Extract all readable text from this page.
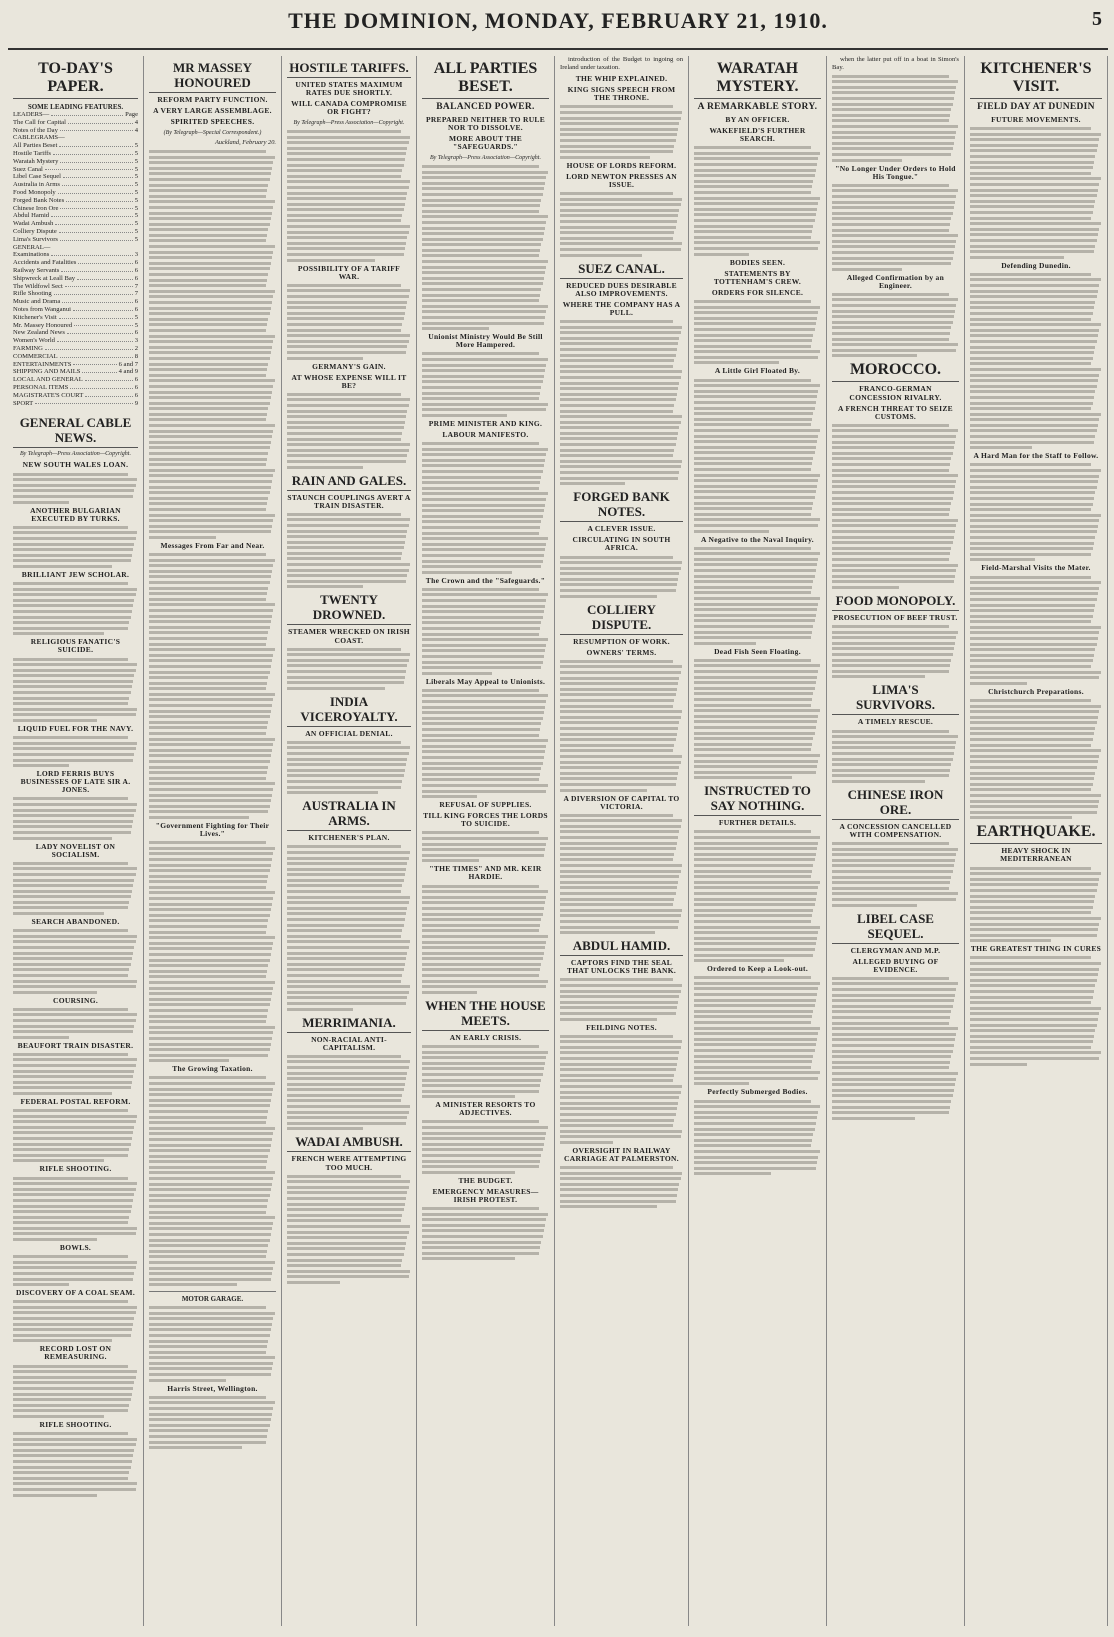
THE DOMINION, MONDAY, FEBRUARY 21, 1910.	5
TO-DAY'S PAPER.
SOME LEADING FEATURES.
LEADERS—	Page
The Call for Capital	4
Notes of the Day	4
CABLEGRAMS—
All Parties Beset	5
Hostile Tariffs	5
Waratah Mystery	5
Suez Canal	5
Libel Case Sequel	5
Australia in Arms	5
Food Monopoly	5
Forged Bank Notes	5
Chinese Iron Ore	5
Abdul Hamid	5
Wadai Ambush	5
Colliery Dispute	5
Lima's Survivors	5
GENERAL—
Examinations	3
Accidents and Fatalities	6
Railway Servants	6
Shipwreck at Leall Bay	6
The Wildfowl Sect	7
Rifle Shooting	7
Music and Drama	6
Notes from Wanganui	6
Kitchener's Visit	5
Mr. Massey Honoured	5
New Zealand News	6
Women's World	3
FARMING	2
COMMERCIAL	8
ENTERTAINMENTS	6 and 7
SHIPPING AND MAILS	4 and 9
LOCAL AND GENERAL	6
PERSONAL ITEMS	6
MAGISTRATE'S COURT	6
SPORT	9
GENERAL CABLE NEWS.
By Telegraph—Press Association—Copyright.
NEW SOUTH WALES LOAN.
ANOTHER BULGARIAN EXECUTED BY TURKS.
BRILLIANT JEW SCHOLAR.
RELIGIOUS FANATIC'S SUICIDE.
LIQUID FUEL FOR THE NAVY.
LORD FERRIS BUYS BUSINESSES OF LATE SIR A. JONES.
LADY NOVELIST ON SOCIALISM.
SEARCH ABANDONED.
COURSING.
BEAUFORT TRAIN DISASTER.
FEDERAL POSTAL REFORM.
RIFLE SHOOTING.
BOWLS.
DISCOVERY OF A COAL SEAM.
RECORD LOST ON REMEASURING.
RIFLE SHOOTING.
MR MASSEY HONOURED
REFORM PARTY FUNCTION.
A VERY LARGE ASSEMBLAGE.
SPIRITED SPEECHES.
(By Telegraph—Special Correspondent.)
Auckland, February 20.
Messages From Far and Near.
"Government Fighting for Their Lives."
The Growing Taxation.
MOTOR GARAGE.
Harris Street, Wellington.
HOSTILE TARIFFS.
UNITED STATES MAXIMUM RATES DUE SHORTLY.
WILL CANADA COMPROMISE OR FIGHT?
By Telegraph—Press Association—Copyright.
POSSIBILITY OF A TARIFF WAR.
GERMANY'S GAIN.
AT WHOSE EXPENSE WILL IT BE?
RAIN AND GALES.
STAUNCH COUPLINGS AVERT A TRAIN DISASTER.
TWENTY DROWNED.
STEAMER WRECKED ON IRISH COAST.
INDIA VICEROYALTY.
AN OFFICIAL DENIAL.
AUSTRALIA IN ARMS.
KITCHENER'S PLAN.
MERRIMANIA.
NON-RACIAL ANTI-CAPITALISM.
WADAI AMBUSH.
FRENCH WERE ATTEMPTING TOO MUCH.
ALL PARTIES BESET.
BALANCED POWER.
PREPARED NEITHER TO RULE NOR TO DISSOLVE.
MORE ABOUT THE "SAFEGUARDS."
By Telegraph—Press Association—Copyright.
Unionist Ministry Would Be Still More Hampered.
PRIME MINISTER AND KING.
LABOUR MANIFESTO.
The Crown and the "Safeguards."
Liberals May Appeal to Unionists.
REFUSAL OF SUPPLIES.
TILL KING FORCES THE LORDS TO SUICIDE.
"THE TIMES" AND MR. KEIR HARDIE.
WHEN THE HOUSE MEETS.
AN EARLY CRISIS.
A MINISTER RESORTS TO ADJECTIVES.
THE BUDGET.
EMERGENCY MEASURES—IRISH PROTEST.
introduction of the Budget to ingoing on Ireland under taxation.
THE WHIP EXPLAINED.
KING SIGNS SPEECH FROM THE THRONE.
HOUSE OF LORDS REFORM.
LORD NEWTON PRESSES AN ISSUE.
SUEZ CANAL.
REDUCED DUES DESIRABLE ALSO IMPROVEMENTS.
WHERE THE COMPANY HAS A PULL.
FORGED BANK NOTES.
A CLEVER ISSUE.
CIRCULATING IN SOUTH AFRICA.
COLLIERY DISPUTE.
RESUMPTION OF WORK.
OWNERS' TERMS.
A DIVERSION OF CAPITAL TO VICTORIA.
ABDUL HAMID.
CAPTORS FIND THE SEAL THAT UNLOCKS THE BANK.
FEILDING NOTES.
OVERSIGHT IN RAILWAY CARRIAGE AT PALMERSTON.
WARATAH MYSTERY.
A REMARKABLE STORY.
BY AN OFFICER.
WAKEFIELD'S FURTHER SEARCH.
BODIES SEEN.
STATEMENTS BY TOTTENHAM'S CREW.
ORDERS FOR SILENCE.
A Little Girl Floated By.
A Negative to the Naval Inquiry.
Dead Fish Seen Floating.
INSTRUCTED TO SAY NOTHING.
FURTHER DETAILS.
Ordered to Keep a Look-out.
Perfectly Submerged Bodies.
when the latter put off in a boat in Simon's Bay.
"No Longer Under Orders to Hold His Tongue."
Alleged Confirmation by an Engineer.
MOROCCO.
FRANCO-GERMAN CONCESSION RIVALRY.
A FRENCH THREAT TO SEIZE CUSTOMS.
FOOD MONOPOLY.
PROSECUTION OF BEEF TRUST.
LIMA'S SURVIVORS.
A TIMELY RESCUE.
CHINESE IRON ORE.
A CONCESSION CANCELLED WITH COMPENSATION.
LIBEL CASE SEQUEL.
CLERGYMAN AND M.P.
ALLEGED BUYING OF EVIDENCE.
KITCHENER'S VISIT.
FIELD DAY AT DUNEDIN
FUTURE MOVEMENTS.
Defending Dunedin.
A Hard Man for the Staff to Follow.
Field-Marshal Visits the Mater.
Christchurch Preparations.
EARTHQUAKE.
HEAVY SHOCK IN MEDITERRANEAN
THE GREATEST THING IN CURES
